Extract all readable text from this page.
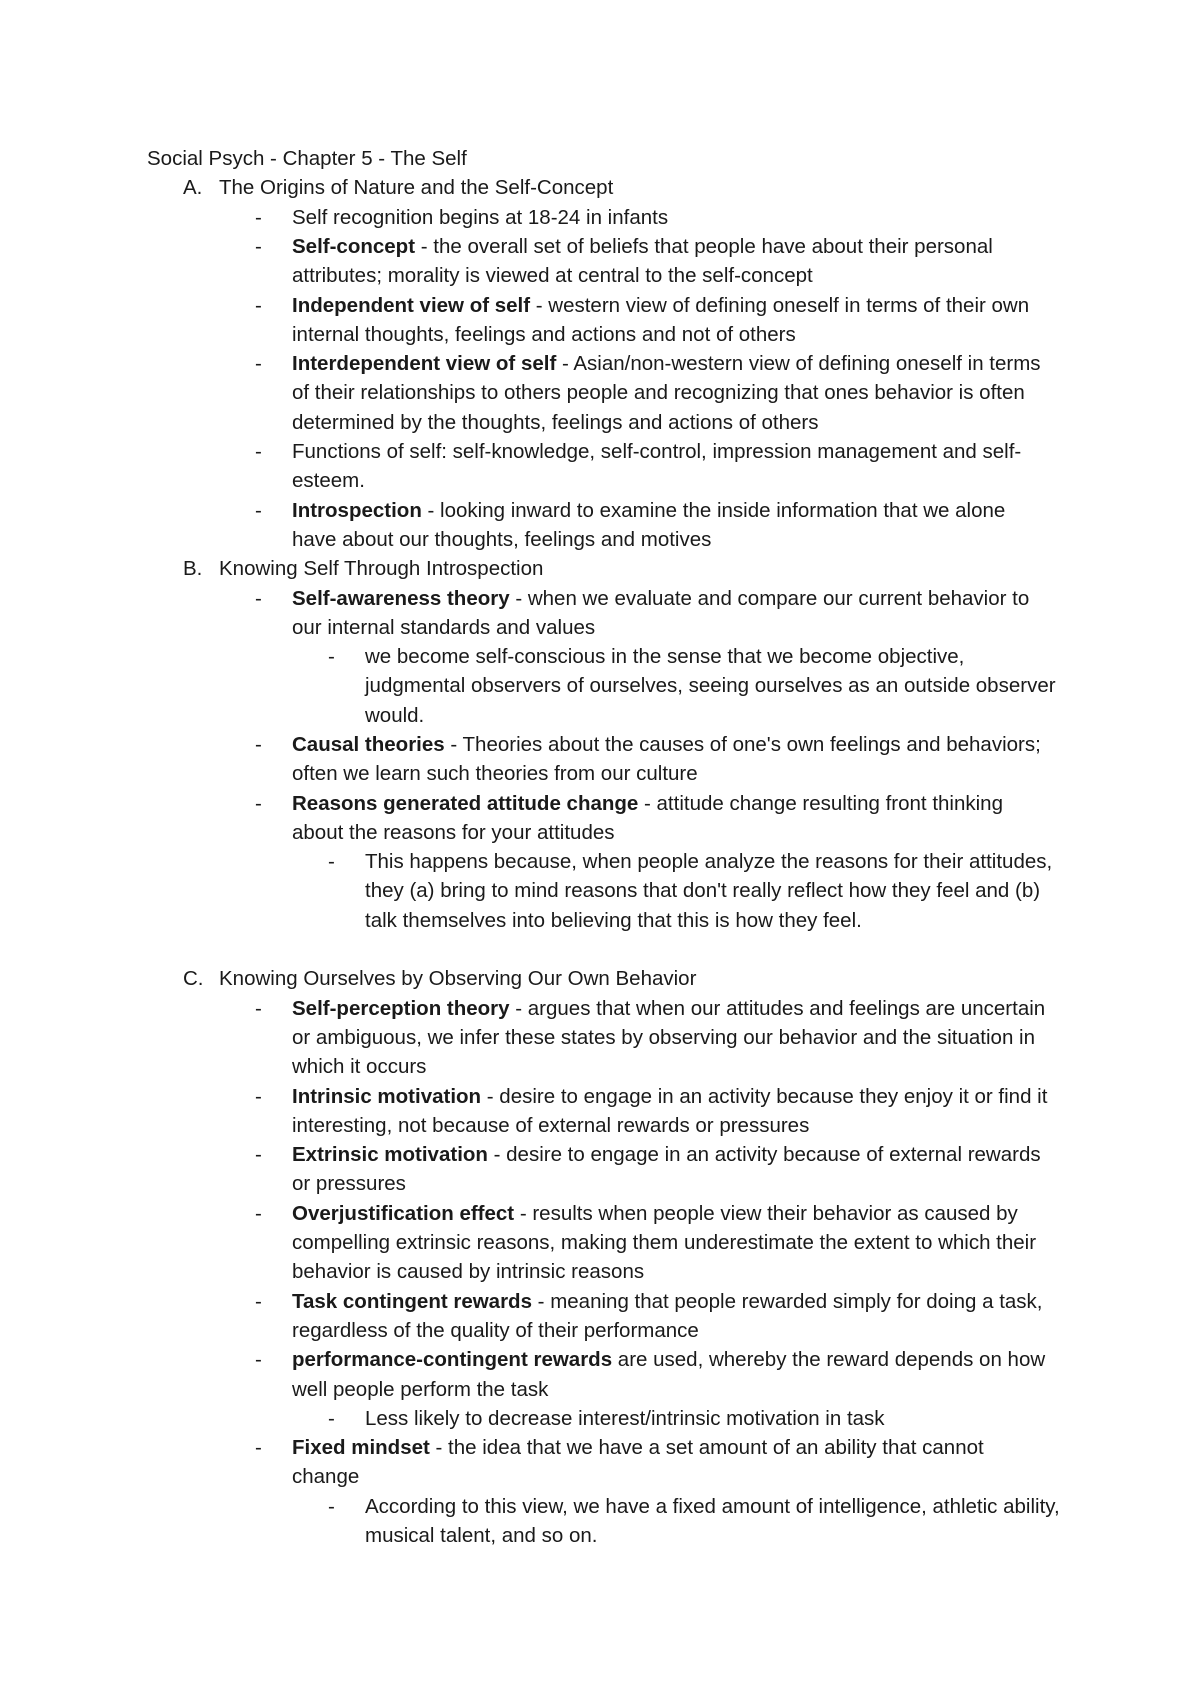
Social Psych - Chapter 5 - The Self
A. The Origins of Nature and the Self-Concept
-	Self recognition begins at 18-24 in infants
-	Self-concept - the overall set of beliefs that people have about their personal attributes; morality is viewed at central to the self-concept
-	Independent view of self - western view of defining oneself in terms of their own internal thoughts, feelings and actions and not of others
-	Interdependent view of self - Asian/non-western view of defining oneself in terms of their relationships to others people and recognizing that ones behavior is often determined by the thoughts, feelings and actions of others
-	Functions of self: self-knowledge, self-control, impression management and self-esteem.
-	Introspection - looking inward to examine the inside information that we alone have about our thoughts, feelings and motives
B. Knowing Self Through Introspection
-	Self-awareness theory - when we evaluate and compare our current behavior to our internal standards and values
-	we become self-conscious in the sense that we become objective, judgmental observers of ourselves, seeing ourselves as an outside observer would.
-	Causal theories - Theories about the causes of one's own feelings and behaviors; often we learn such theories from our culture
-	Reasons generated attitude change - attitude change resulting front thinking about the reasons for your attitudes
-	This happens because, when people analyze the reasons for their attitudes, they (a) bring to mind reasons that don't really reflect how they feel and (b) talk themselves into believing that this is how they feel.
C. Knowing Ourselves by Observing Our Own Behavior
-	Self-perception theory - argues that when our attitudes and feelings are uncertain or ambiguous, we infer these states by observing our behavior and the situation in which it occurs
-	Intrinsic motivation - desire to engage in an activity because they enjoy it or find it interesting, not because of external rewards or pressures
-	Extrinsic motivation - desire to engage in an activity because of external rewards or pressures
-	Overjustification effect - results when people view their behavior as caused by compelling extrinsic reasons, making them underestimate the extent to which their behavior is caused by intrinsic reasons
-	Task contingent rewards - meaning that people rewarded simply for doing a task, regardless of the quality of their performance
-	performance-contingent rewards are used, whereby the reward depends on how well people perform the task
-	Less likely to decrease interest/intrinsic motivation in task
-	Fixed mindset - the idea that we have a set amount of an ability that cannot change
-	According to this view, we have a fixed amount of intelligence, athletic ability, musical talent, and so on.
